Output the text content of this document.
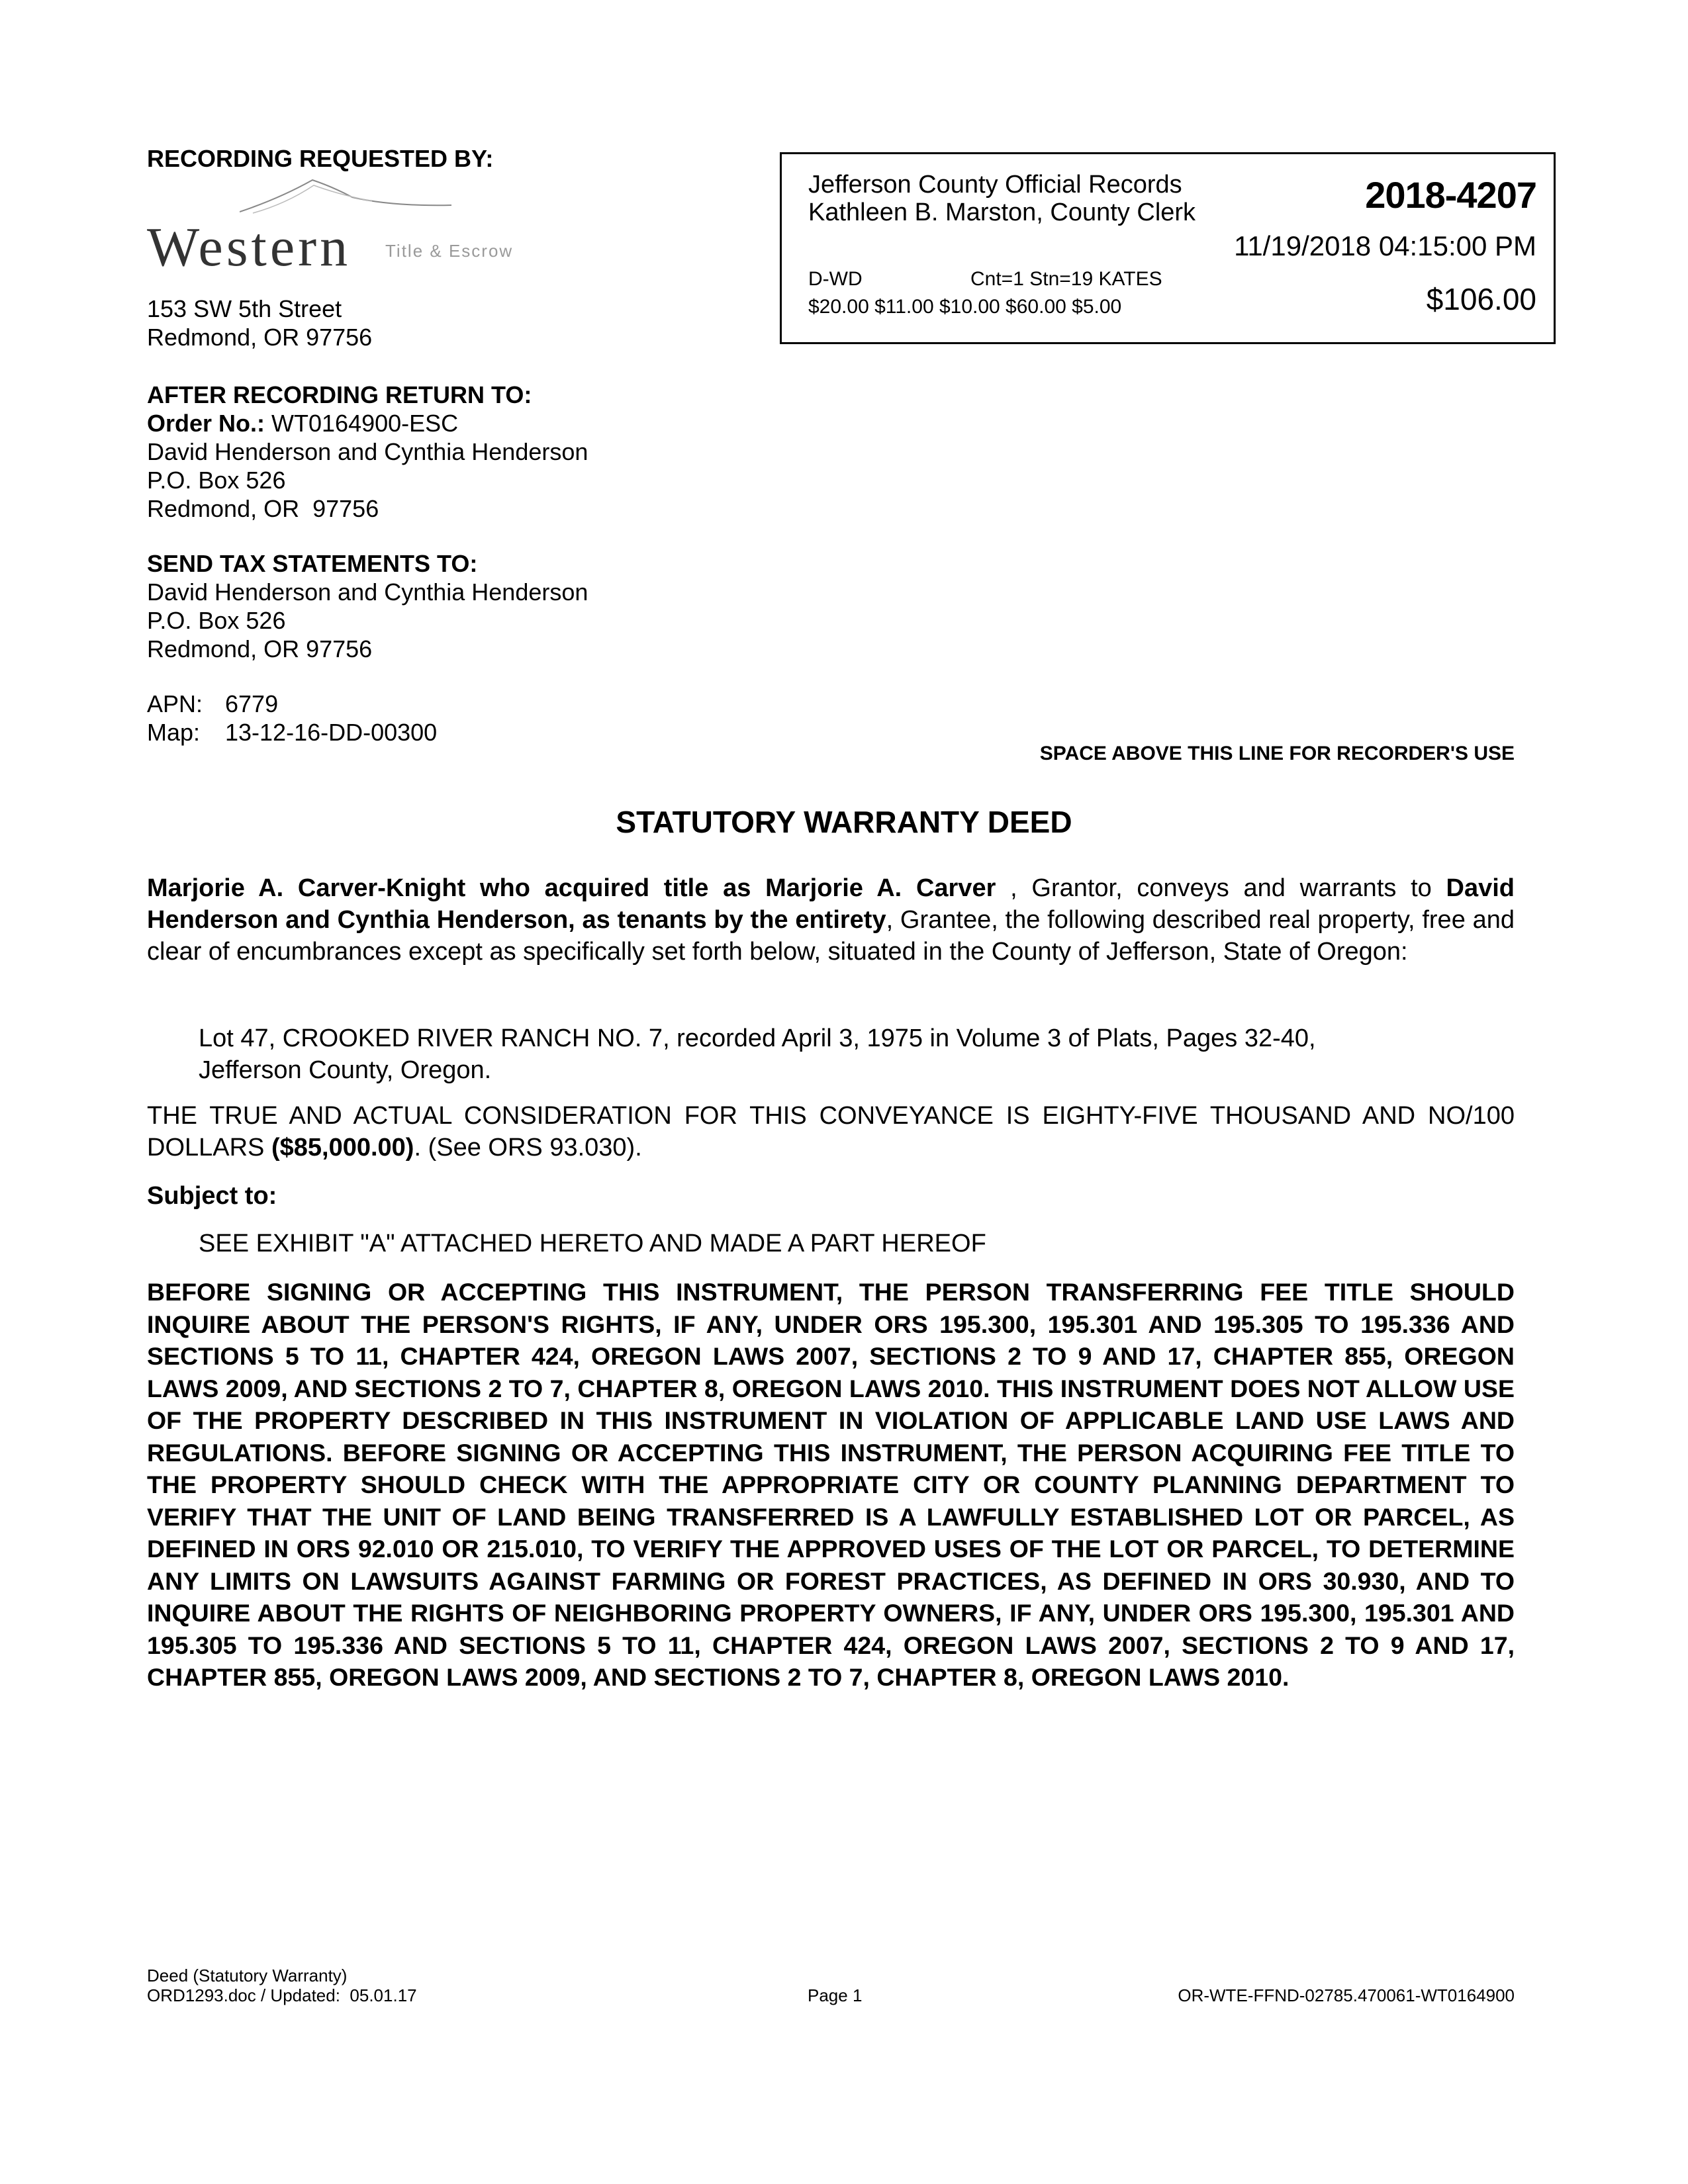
RECORDING REQUESTED BY:
Western Title & Escrow
153 SW 5th Street
Redmond, OR 97756
AFTER RECORDING RETURN TO:
Order No.: WT0164900-ESC
David Henderson and Cynthia Henderson
P.O. Box 526
Redmond, OR  97756
SEND TAX STATEMENTS TO:
David Henderson and Cynthia Henderson
P.O. Box 526
Redmond, OR 97756
APN: 6779
Map: 13-12-16-DD-00300
Jefferson County Official Records
Kathleen B. Marston, County Clerk	2018-4207
11/19/2018 04:15:00 PM
D-WD	Cnt=1 Stn=19 KATES
$20.00 $11.00 $10.00 $60.00 $5.00	$106.00
SPACE ABOVE THIS LINE FOR RECORDER'S USE
STATUTORY WARRANTY DEED
Marjorie A. Carver-Knight who acquired title as Marjorie A. Carver , Grantor, conveys and warrants to David Henderson and Cynthia Henderson, as tenants by the entirety, Grantee, the following described real property, free and clear of encumbrances except as specifically set forth below, situated in the County of Jefferson, State of Oregon:
Lot 47, CROOKED RIVER RANCH NO. 7, recorded April 3, 1975 in Volume 3 of Plats, Pages 32-40,
Jefferson County, Oregon.
THE TRUE AND ACTUAL CONSIDERATION FOR THIS CONVEYANCE IS EIGHTY-FIVE THOUSAND AND NO/100 DOLLARS ($85,000.00). (See ORS 93.030).
Subject to:
SEE EXHIBIT "A" ATTACHED HERETO AND MADE A PART HEREOF
BEFORE SIGNING OR ACCEPTING THIS INSTRUMENT, THE PERSON TRANSFERRING FEE TITLE SHOULD INQUIRE ABOUT THE PERSON'S RIGHTS, IF ANY, UNDER ORS 195.300, 195.301 AND 195.305 TO 195.336 AND SECTIONS 5 TO 11, CHAPTER 424, OREGON LAWS 2007, SECTIONS 2 TO 9 AND 17, CHAPTER 855, OREGON LAWS 2009, AND SECTIONS 2 TO 7, CHAPTER 8, OREGON LAWS 2010. THIS INSTRUMENT DOES NOT ALLOW USE OF THE PROPERTY DESCRIBED IN THIS INSTRUMENT IN VIOLATION OF APPLICABLE LAND USE LAWS AND REGULATIONS. BEFORE SIGNING OR ACCEPTING THIS INSTRUMENT, THE PERSON ACQUIRING FEE TITLE TO THE PROPERTY SHOULD CHECK WITH THE APPROPRIATE CITY OR COUNTY PLANNING DEPARTMENT TO VERIFY THAT THE UNIT OF LAND BEING TRANSFERRED IS A LAWFULLY ESTABLISHED LOT OR PARCEL, AS DEFINED IN ORS 92.010 OR 215.010, TO VERIFY THE APPROVED USES OF THE LOT OR PARCEL, TO DETERMINE ANY LIMITS ON LAWSUITS AGAINST FARMING OR FOREST PRACTICES, AS DEFINED IN ORS 30.930, AND TO INQUIRE ABOUT THE RIGHTS OF NEIGHBORING PROPERTY OWNERS, IF ANY, UNDER ORS 195.300, 195.301 AND 195.305 TO 195.336 AND SECTIONS 5 TO 11, CHAPTER 424, OREGON LAWS 2007, SECTIONS 2 TO 9 AND 17, CHAPTER 855, OREGON LAWS 2009, AND SECTIONS 2 TO 7, CHAPTER 8, OREGON LAWS 2010.
Deed (Statutory Warranty)
ORD1293.doc / Updated:  05.01.17	Page 1	OR-WTE-FFND-02785.470061-WT0164900
